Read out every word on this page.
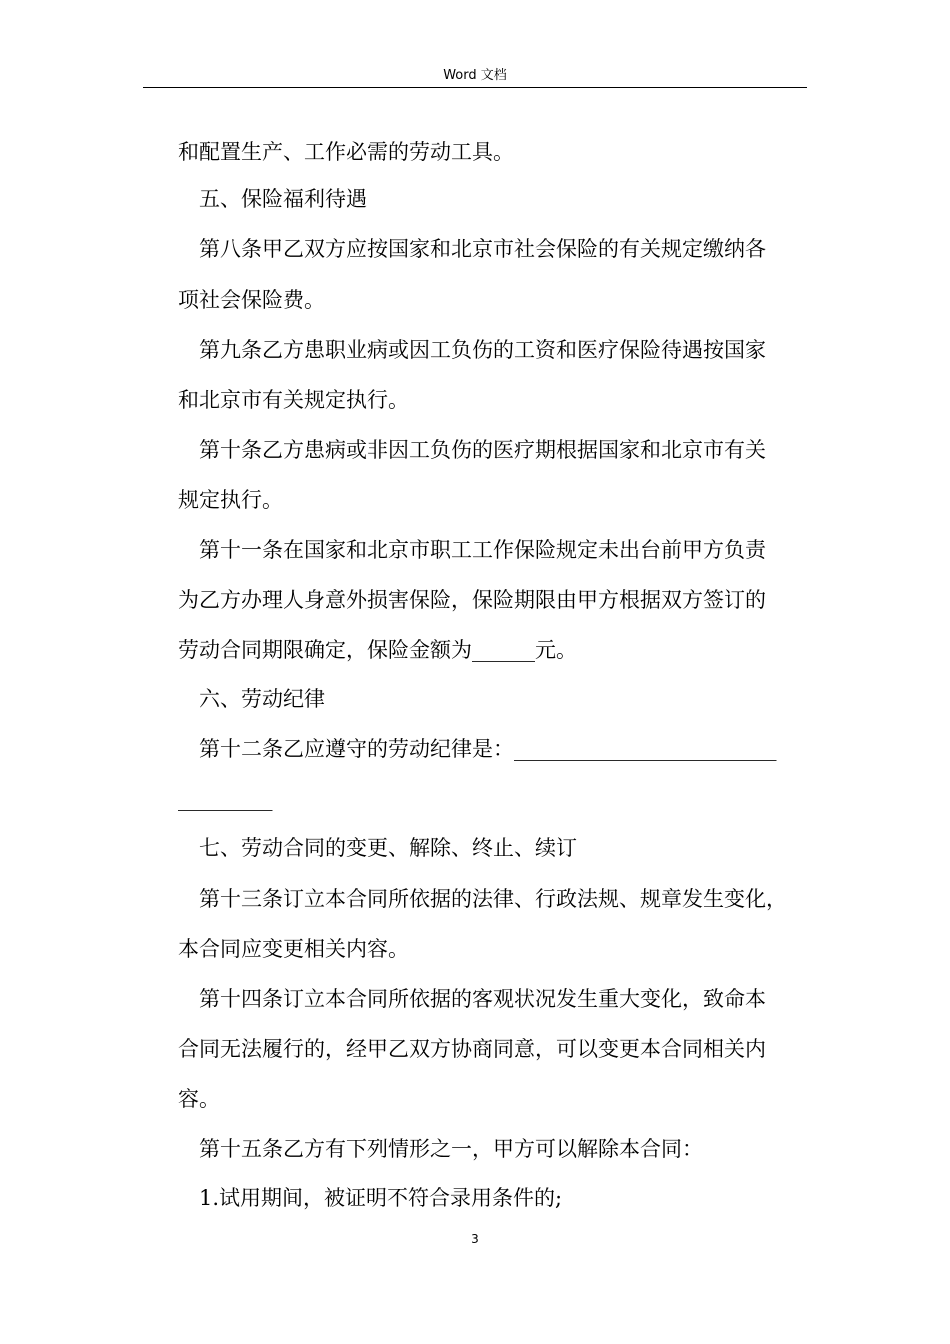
Word 文档
和配置生产、工作必需的劳动工具。
五、保险福利待遇
第八条甲乙双方应按国家和北京市社会保险的有关规定缴纳各
项社会保险费。
第九条乙方患职业病或因工负伤的工资和医疗保险待遇按国家
和北京市有关规定执行。
第十条乙方患病或非因工负伤的医疗期根据国家和北京市有关
规定执行。
第十一条在国家和北京市职工工作保险规定未出台前甲方负责
为乙方办理人身意外损害保险，保险期限由甲方根据双方签订的
劳动合同期限确定，保险金额为______元。
六、劳动纪律
第十二条乙应遵守的劳动纪律是：_________________________
_________
七、劳动合同的变更、解除、终止、续订
第十三条订立本合同所依据的法律、行政法规、规章发生变化，
本合同应变更相关内容。
第十四条订立本合同所依据的客观状况发生重大变化，致命本
合同无法履行的，经甲乙双方协商同意，可以变更本合同相关内
容。
第十五条乙方有下列情形之一，甲方可以解除本合同：
1.试用期间，被证明不符合录用条件的;
3
